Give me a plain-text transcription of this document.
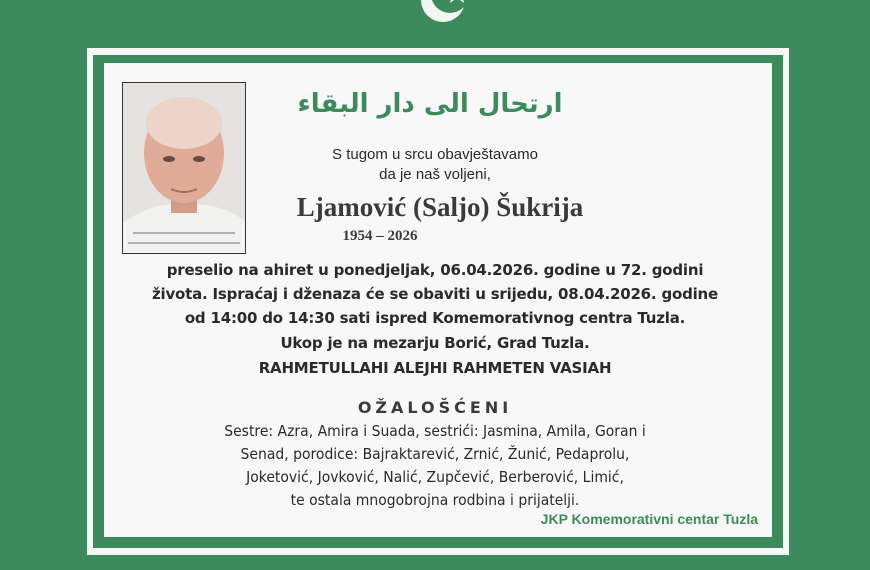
ارتحال الى دار البقاء
S tugom u srcu obavještavamo
da je naš voljeni,
Ljamović (Saljo) Šukrija
1954 – 2026
preselio na ahiret u ponedjeljak, 06.04.2026. godine u 72. godini
života. Ispraćaj i dženaza će se obaviti u srijedu, 08.04.2026. godine
od 14:00 do 14:30 sati ispred Komemorativnog centra Tuzla.
Ukop je na mezarju Borić, Grad Tuzla.
RAHMETULLAHI ALEJHI RAHMETEN VASIAH
OŽALOŠĆENI
Sestre: Azra, Amira i Suada, sestrići: Jasmina, Amila, Goran i
Senad, porodice: Bajraktarević, Zrnić, Žunić, Pedaprolu,
Joketović, Jovković, Nalić, Zupčević, Berberović, Limić,
te ostala mnogobrojna rodbina i prijatelji.
JKP Komemorativni centar Tuzla
